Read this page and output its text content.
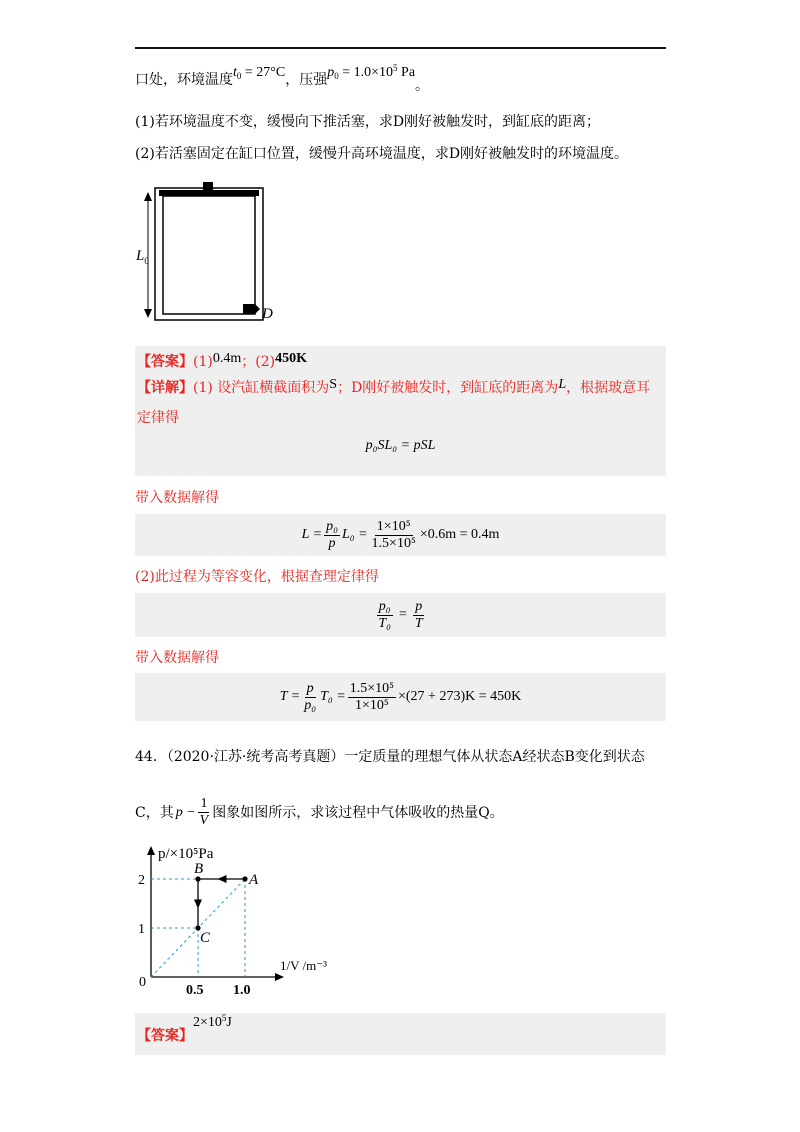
口处，环境温度$t_0 = 27^\circ C$，压强$p_0 = 1.0\times 10^5$ Pa。
(1)若环境温度不变，缓慢向下推活塞，求D刚好被触发时，到缸底的距离；
(2)若活塞固定在缸口位置，缓慢升高环境温度，求D刚好被触发时的环境温度。
$L_0$
D
【答案】(1)0.4m；(2)450K
【详解】(1) 设汽缸横截面积为S；D刚好被触发时，到缸底的距离为L，根据玻意耳
定律得
p₀SL₀ = pSL
带入数据解得
$L = \frac{\text{p₀}}{p} L_0 = \frac{\text{1×10⁵}}{\text{1.5×10⁵}} \times 0.6m = 0.4m$
(2)此过程为等容变化，根据查理定律得
$\frac{\text{p₀}}{\text{T₀}} = \frac{p}{T}$
带入数据解得
$T = \frac{p}{\text{p₀}} T_0 = \frac{\text{1.5×10⁵}}{\text{1×10⁵}} \times(27 + 273)K = 450K$
44．（2020·江苏·统考高考真题）一定质量的理想气体从状态A经状态B变化到状态
C，其 $p - \frac{1}{V}$ 图象如图所示，求该过程中气体吸收的热量Q。
A
B
C
0.5 1.0
1
2
p/×10⁵Pa
1/V /m⁻³
0
【答案】
$2\times 10^5J$
